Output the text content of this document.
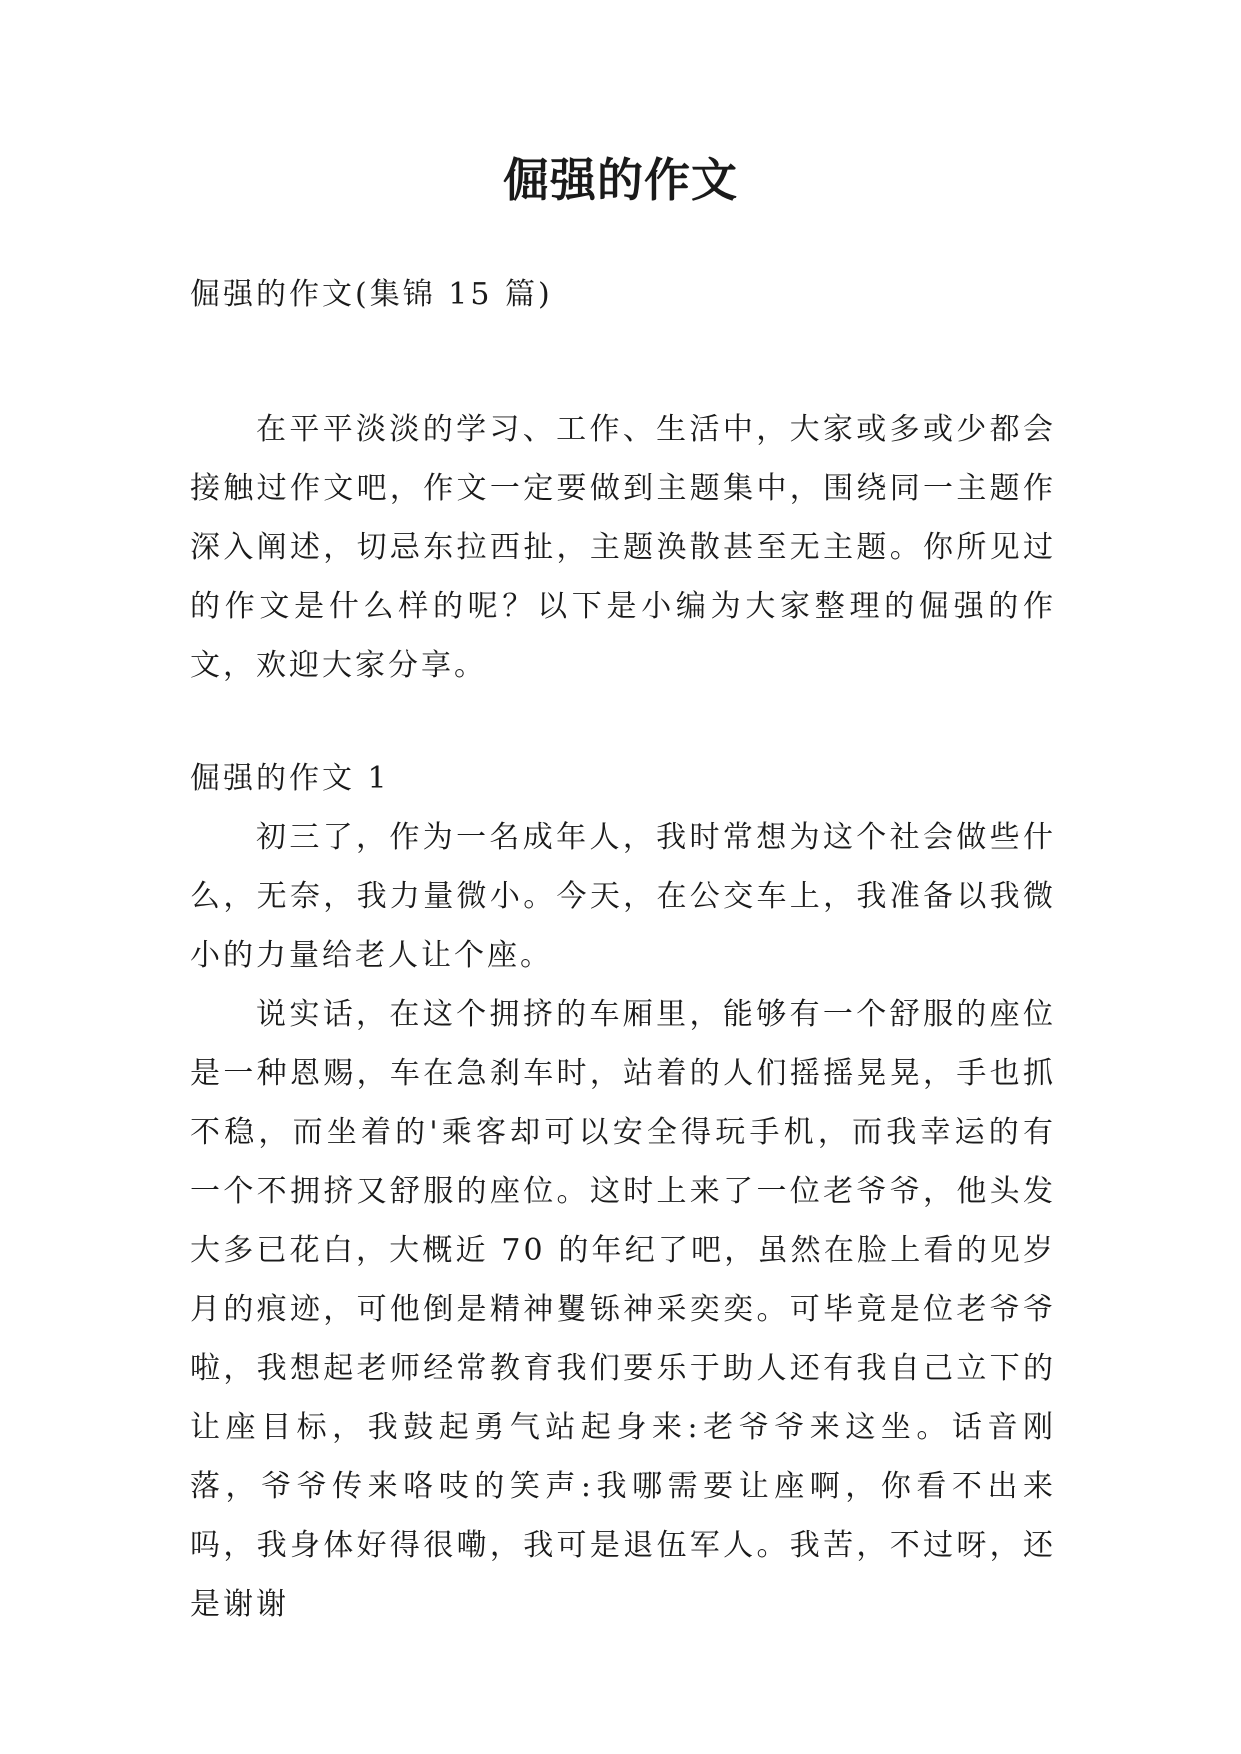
倔强的作文

倔强的作文(集锦 15 篇)

在平平淡淡的学习、工作、生活中，大家或多或少都会接触过作文吧，作文一定要做到主题集中，围绕同一主题作深入阐述，切忌东拉西扯，主题涣散甚至无主题。你所见过的作文是什么样的呢？以下是小编为大家整理的倔强的作文，欢迎大家分享。

倔强的作文 1

初三了，作为一名成年人，我时常想为这个社会做些什么，无奈，我力量微小。今天，在公交车上，我准备以我微小的力量给老人让个座。

说实话，在这个拥挤的车厢里，能够有一个舒服的座位是一种恩赐，车在急刹车时，站着的人们摇摇晃晃，手也抓不稳，而坐着的'乘客却可以安全得玩手机，而我幸运的有一个不拥挤又舒服的座位。这时上来了一位老爷爷，他头发大多已花白，大概近 70 的年纪了吧，虽然在脸上看的见岁月的痕迹，可他倒是精神矍铄神采奕奕。可毕竟是位老爷爷啦，我想起老师经常教育我们要乐于助人还有我自己立下的让座目标，我鼓起勇气站起身来:老爷爷来这坐。话音刚落，爷爷传来咯吱的笑声:我哪需要让座啊，你看不出来吗，我身体好得很嘞，我可是退伍军人。我苦，不过呀，还是谢谢
